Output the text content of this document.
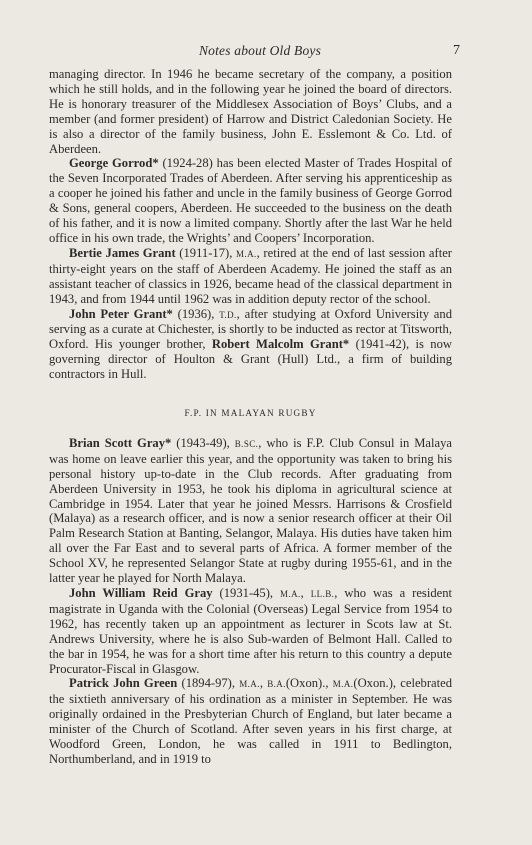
Notes about Old Boys	7

managing director. In 1946 he became secretary of the company, a position which he still holds, and in the following year he joined the board of directors. He is honorary treasurer of the Middlesex Association of Boys’ Clubs, and a member (and former president) of Harrow and District Caledonian Society. He is also a director of the family business, John E. Esslemont & Co. Ltd. of Aberdeen.

George Gorrod* (1924-28) has been elected Master of Trades Hospital of the Seven Incorporated Trades of Aberdeen. After serving his apprenticeship as a cooper he joined his father and uncle in the family business of George Gorrod & Sons, general coopers, Aberdeen. He succeeded to the business on the death of his father, and it is now a limited company. Shortly after the last War he held office in his own trade, the Wrights’ and Coopers’ Incorporation.

Bertie James Grant (1911-17), M.A., retired at the end of last session after thirty-eight years on the staff of Aberdeen Academy. He joined the staff as an assistant teacher of classics in 1926, became head of the classical department in 1943, and from 1944 until 1962 was in addition deputy rector of the school.

John Peter Grant* (1936), T.D., after studying at Oxford University and serving as a curate at Chichester, is shortly to be inducted as rector at Titsworth, Oxford. His younger brother, Robert Malcolm Grant* (1941-42), is now governing director of Houlton & Grant (Hull) Ltd., a firm of building contractors in Hull.

F.P. IN MALAYAN RUGBY

Brian Scott Gray* (1943-49), B.SC., who is F.P. Club Consul in Malaya was home on leave earlier this year, and the opportunity was taken to bring his personal history up-to-date in the Club records. After graduating from Aberdeen University in 1953, he took his diploma in agricultural science at Cambridge in 1954. Later that year he joined Messrs. Harrisons & Crosfield (Malaya) as a research officer, and is now a senior research officer at their Oil Palm Research Station at Banting, Selangor, Malaya. His duties have taken him all over the Far East and to several parts of Africa. A former member of the School XV, he represented Selangor State at rugby during 1955-61, and in the latter year he played for North Malaya.

John William Reid Gray (1931-45), M.A., LL.B., who was a resident magistrate in Uganda with the Colonial (Overseas) Legal Service from 1954 to 1962, has recently taken up an appointment as lecturer in Scots law at St. Andrews University, where he is also Sub-warden of Belmont Hall. Called to the bar in 1954, he was for a short time after his return to this country a depute Procurator-Fiscal in Glasgow.

Patrick John Green (1894-97), M.A., B.A.(Oxon)., M.A.(Oxon.), celebrated the sixtieth anniversary of his ordination as a minister in September. He was originally ordained in the Presbyterian Church of England, but later became a minister of the Church of Scotland. After seven years in his first charge, at Woodford Green, London, he was called in 1911 to Bedlington, Northumberland, and in 1919 to
